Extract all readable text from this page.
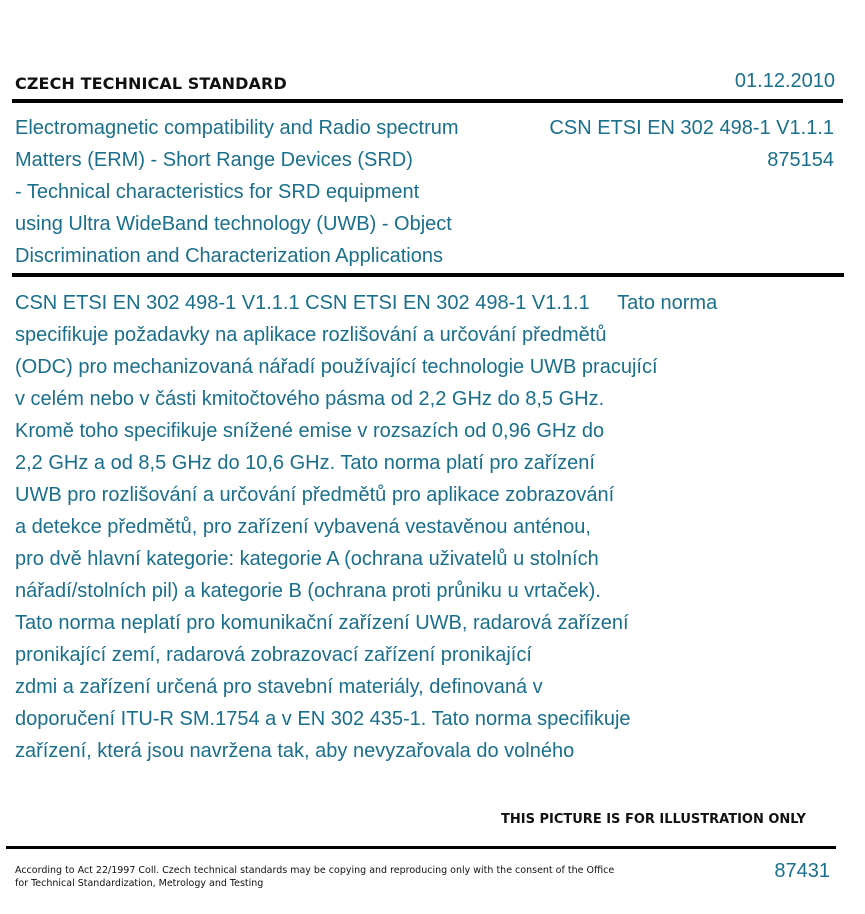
CZECH TECHNICAL STANDARD	01.12.2010
Electromagnetic compatibility and Radio spectrum
Matters (ERM) - Short Range Devices (SRD)
- Technical characteristics for SRD equipment
using Ultra WideBand technology (UWB) - Object
Discrimination and Characterization Applications
CSN ETSI EN 302 498-1 V1.1.1
875154
CSN ETSI EN 302 498-1 V1.1.1 CSN ETSI EN 302 498-1 V1.1.1     Tato norma
specifikuje požadavky na aplikace rozlišování a určování předmětů
(ODC) pro mechanizovaná nářadí používající technologie UWB pracující
v celém nebo v části kmitočtového pásma od 2,2 GHz do 8,5 GHz.
Kromě toho specifikuje snížené emise v rozsazích od 0,96 GHz do
2,2 GHz a od 8,5 GHz do 10,6 GHz. Tato norma platí pro zařízení
UWB pro rozlišování a určování předmětů pro aplikace zobrazování
a detekce předmětů, pro zařízení vybavená vestavěnou anténou,
pro dvě hlavní kategorie: kategorie A (ochrana uživatelů u stolních
nářadí/stolních pil) a kategorie B (ochrana proti průniku u vrtaček).
Tato norma neplatí pro komunikační zařízení UWB, radarová zařízení
pronikající zemí, radarová zobrazovací zařízení pronikající
zdmi a zařízení určená pro stavební materiály, definovaná v
doporučení ITU-R SM.1754 a v EN 302 435-1. Tato norma specifikuje
zařízení, která jsou navržena tak, aby nevyzařovala do volného
THIS PICTURE IS FOR ILLUSTRATION ONLY
According to Act 22/1997 Coll. Czech technical standards may be copying and reproducing only with the consent of the Office
for Technical Standardization, Metrology and Testing
87431
